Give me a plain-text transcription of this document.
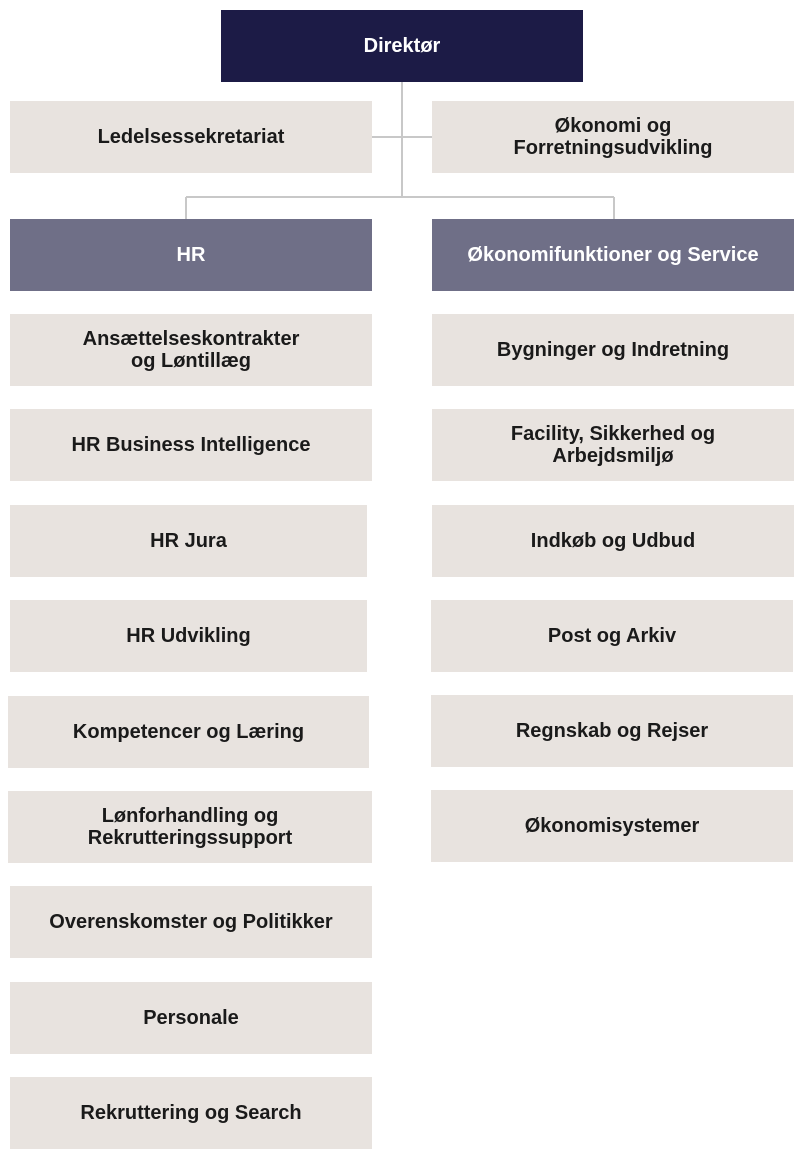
Direktør
Ledelsessekretariat	Økonomi og
Forretningsudvikling
HR	Økonomifunktioner og Service
Ansættelseskontrakter
og Løntillæg
HR Business Intelligence
HR Jura
HR Udvikling
Kompetencer og Læring
Lønforhandling og
Rekrutteringssupport
Overenskomster og Politikker
Personale
Rekruttering og Search
Bygninger og Indretning
Facility, Sikkerhed og
Arbejdsmiljø
Indkøb og Udbud
Post og Arkiv
Regnskab og Rejser
Økonomisystemer
